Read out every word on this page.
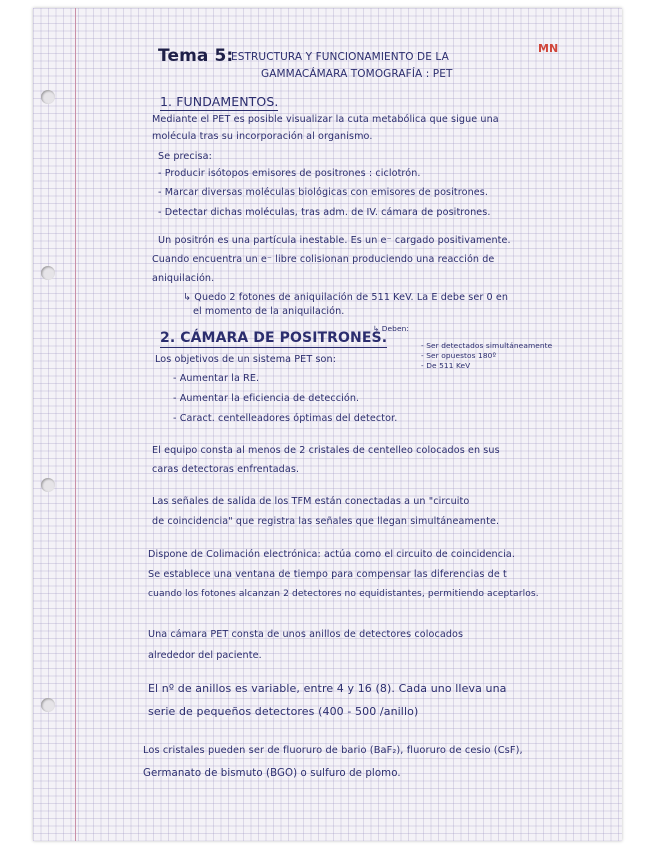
MN
Tema 5:
ESTRUCTURA Y FUNCIONAMIENTO DE LA
GAMMACÁMARA TOMOGRAFÍA : PET
1. FUNDAMENTOS.
Mediante el PET es posible visualizar la cuta metabólica que sigue una
molécula tras su incorporación al organismo.
Se precisa:
- Producir isótopos emisores de positrones : ciclotrón.
- Marcar diversas moléculas biológicas con emisores de positrones.
- Detectar dichas moléculas, tras adm. de IV. cámara de positrones.
Un positrón es una partícula inestable. Es un e⁻ cargado positivamente.
Cuando encuentra un e⁻ libre colisionan produciendo una reacción de
aniquilación.
↳ Quedo 2 fotones de aniquilación de 511 KeV. La E debe ser 0 en
el momento de la aniquilación.
↳ Deben:
2. CÁMARA DE POSITRONES.	- Ser detectados simultáneamente
- Ser opuestos 180º
- De 511 KeV
Los objetivos de un sistema PET son:
- Aumentar la RE.
- Aumentar la eficiencia de detección.
- Caract. centelleadores óptimas del detector.
El equipo consta al menos de 2 cristales de centelleo colocados en sus
caras detectoras enfrentadas.
Las señales de salida de los TFM están conectadas a un "circuito
de coincidencia" que registra las señales que llegan simultáneamente.
Dispone de Colimación electrónica: actúa como el circuito de coincidencia.
Se establece una ventana de tiempo para compensar las diferencias de t
cuando los fotones alcanzan 2 detectores no equidistantes, permitiendo aceptarlos.
Una cámara PET consta de unos anillos de detectores colocados
alrededor del paciente.
El nº de anillos es variable, entre 4 y 16 (8). Cada uno lleva una
serie de pequeños detectores (400 - 500 /anillo)
Los cristales pueden ser de fluoruro de bario (BaF₂), fluoruro de cesio (CsF),
Germanato de bismuto (BGO) o sulfuro de plomo.
